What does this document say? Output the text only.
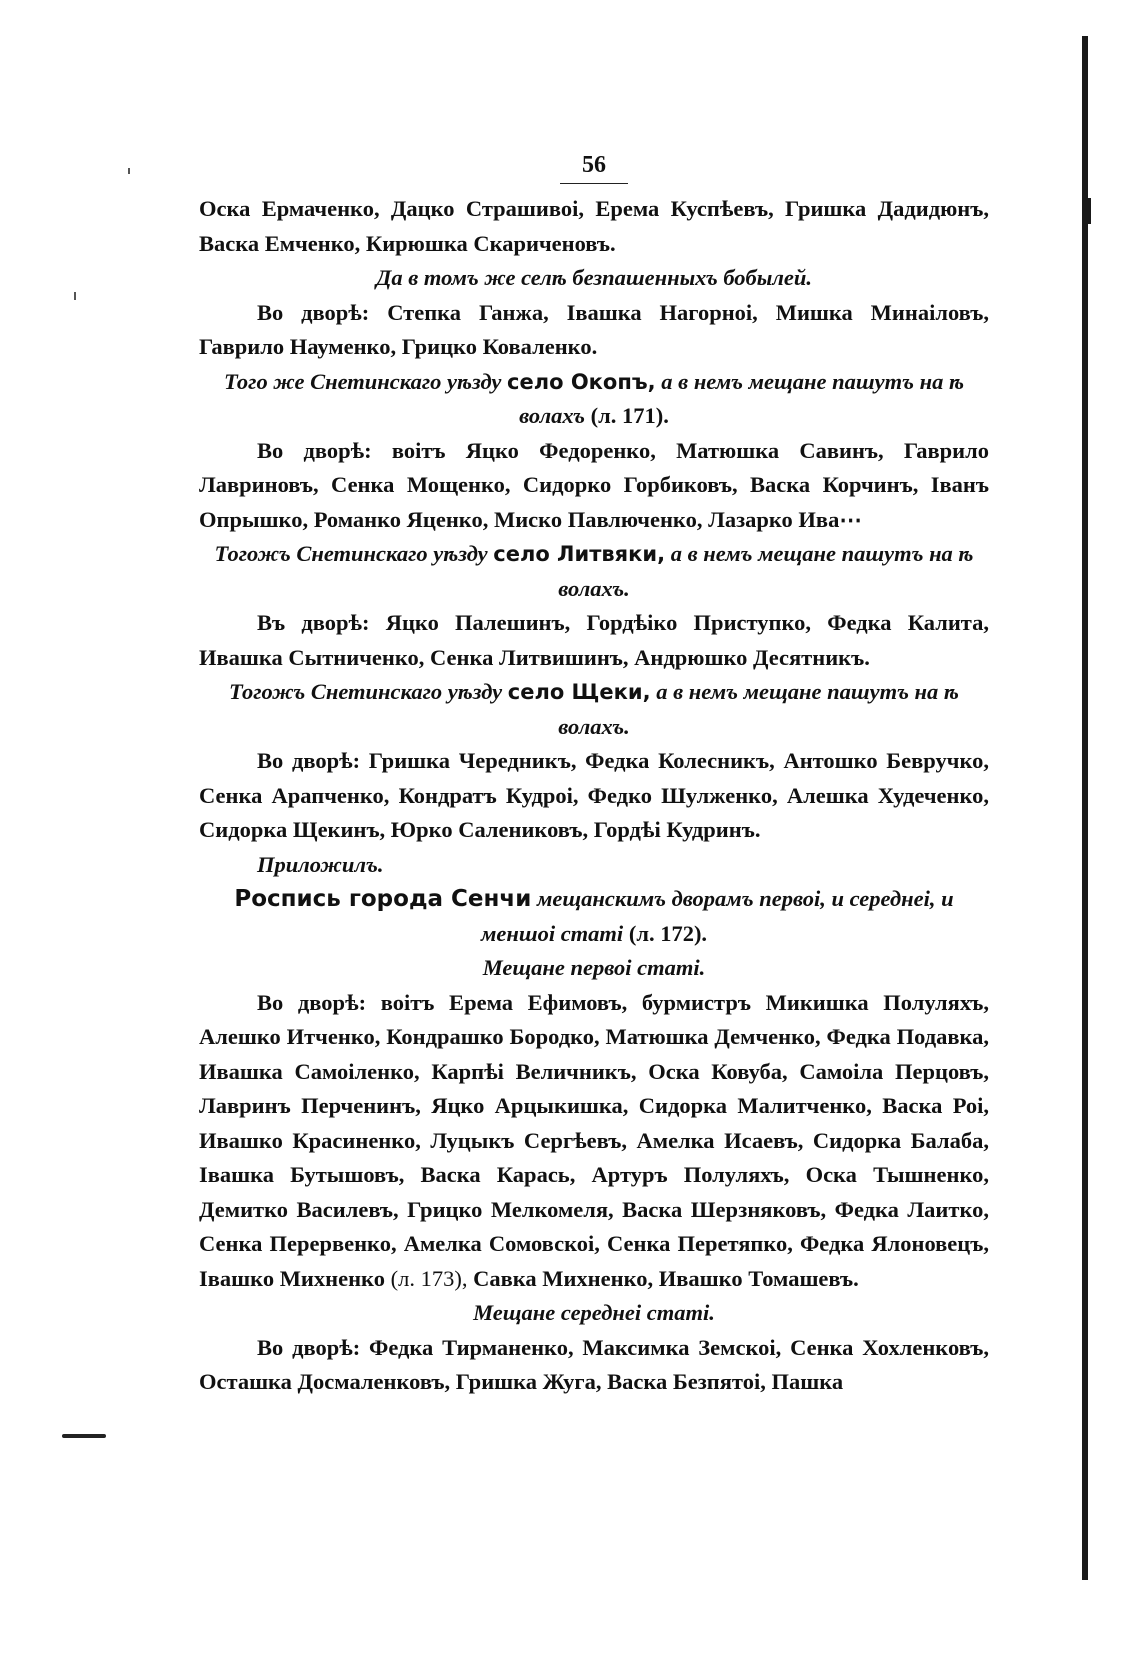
56

Оска Ермаченко, Дацко Страшивоі, Ерема Куспѣевъ, Гришка Дадидюнъ, Васка Емченко, Кирюшка Скариченовъ.

Да в томъ же селѣ безпашенныхъ бобылей.

Во дворѣ: Степка Ганжа, Івашка Нагорноі, Мишка Минаіловъ, Гаврило Науменко, Грицко Коваленко.

Того же Снетинскаго уѣзду село Окопъ, а в немъ мещане пашутъ на ѣ волахъ (л. 171).

Во дворѣ: воітъ Яцко Федоренко, Матюшка Савинъ, Гаврило Лавриновъ, Сенка Мощенко, Сидорко Горбиковъ, Васка Корчинъ, Іванъ Опрышко, Романко Яценко, Миско Павлюченко, Лазарко Ива⋯

Тогожъ Снетинскаго уѣзду село Литвяки, а в немъ мещане пашутъ на ѣ волахъ.

Въ дворѣ: Яцко Палешинъ, Гордѣіко Приступко, Федка Калита, Ивашка Сытниченко, Сенка Литвишинъ, Андрюшко Десятникъ.

Тогожъ Снетинскаго уѣзду село Щеки, а в немъ мещане пашутъ на ѣ волахъ.

Во дворѣ: Гришка Чередникъ, Федка Колесникъ, Антошко Бевручко, Сенка Арапченко, Кондратъ Кудроі, Федко Шулженко, Алешка Худеченко, Сидорка Щекинъ, Юрко Салениковъ, Гордѣі Кудринъ.

Приложилъ.

Роспись города Сенчи мещанскимъ дворамъ первоі, и середнеі, и меншоі статі (л. 172).

Мещане первоі статі.

Во дворѣ: воітъ Ерема Ефимовъ, бурмистръ Микишка Полуляхъ, Алешко Итченко, Кондрашко Бородко, Матюшка Демченко, Федка Подавка, Ивашка Самоіленко, Карпѣі Величникъ, Оска Ковуба, Самоіла Перцовъ, Лавринъ Перченинъ, Яцко Арцыкишка, Сидорка Малитченко, Васка Роі, Ивашко Красиненко, Луцыкъ Сергѣевъ, Амелка Исаевъ, Сидорка Балаба, Івашка Бутышовъ, Васка Карась, Артуръ Полуляхъ, Оска Тышненко, Демитко Василевъ, Грицко Мелкомеля, Васка Шерзняковъ, Федка Лаитко, Сенка Перервенко, Амелка Сомовскоі, Сенка Перетяпко, Федка Ялоновецъ, Івашко Михненко (л. 173), Савка Михненко, Ивашко Томашевъ.

Мещане середнеі статі.

Во дворѣ: Федка Тирманенко, Максимка Земскоі, Сенка Хохленковъ, Осташка Досмаленковъ, Гришка Жуга, Васка Безпятоі, Пашка
